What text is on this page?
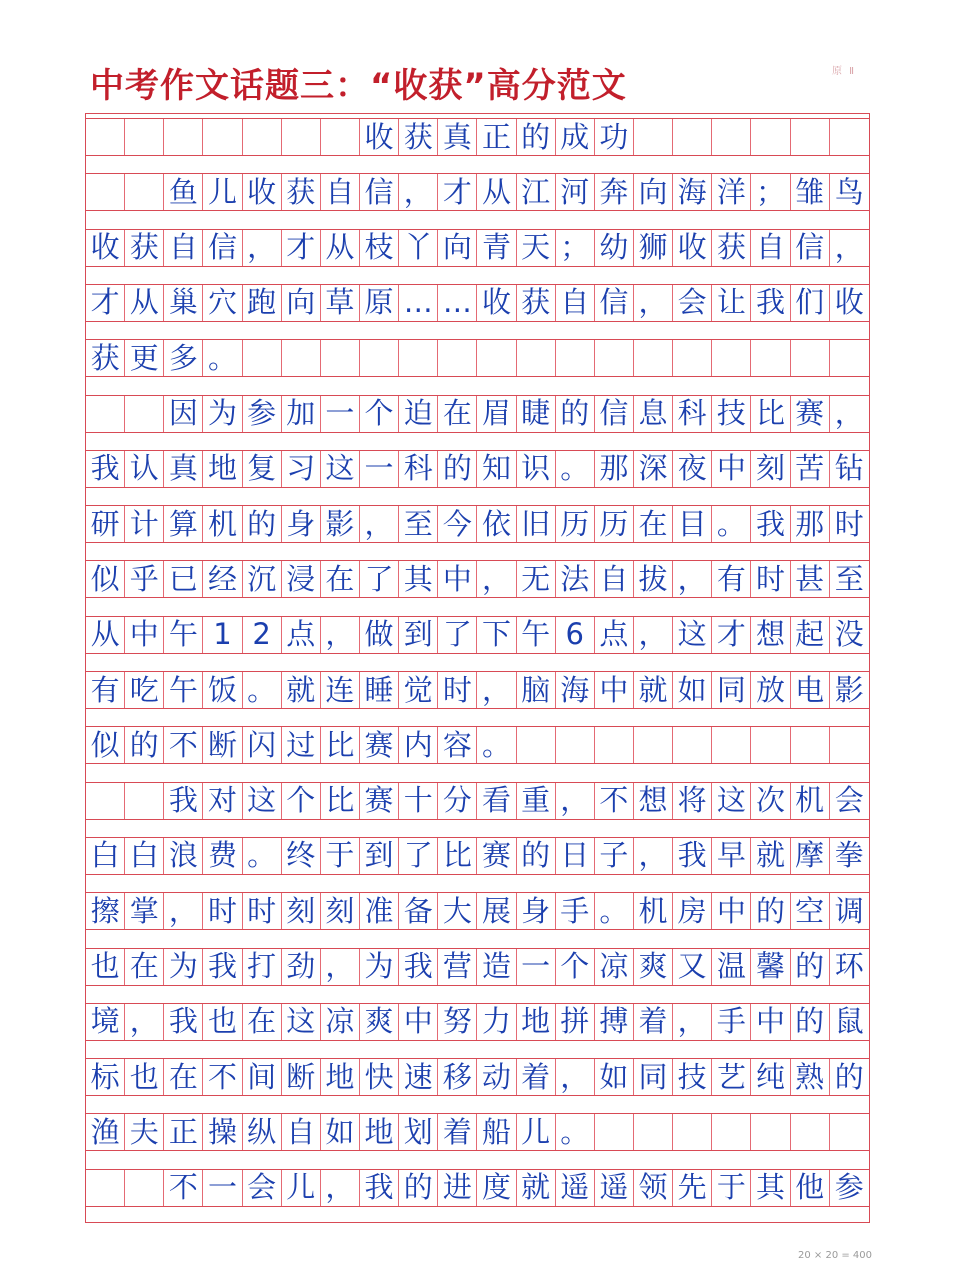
中考作文话题三：“收获”高分范文	原 Ⅱ
收 获 真 正 的 成 功
鱼 儿 收 获 自 信 ， 才 从 江 河 奔 向 海 洋 ； 雏 鸟
收 获 自 信 ， 才 从 枝 丫 向 青 天 ； 幼 狮 收 获 自 信 ，
才 从 巢 穴 跑 向 草 原 … … 收 获 自 信 ， 会 让 我 们 收
获 更 多 。
因 为 参 加 一 个 迫 在 眉 睫 的 信 息 科 技 比 赛 ，
我 认 真 地 复 习 这 一 科 的 知 识 。 那 深 夜 中 刻 苦 钻
研 计 算 机 的 身 影 ， 至 今 依 旧 历 历 在 目 。 我 那 时
似 乎 已 经 沉 浸 在 了 其 中 ， 无 法 自 拔 ， 有 时 甚 至
从 中 午 1 2 点 ， 做 到 了 下 午 6 点 ， 这 才 想 起 没
有 吃 午 饭 。 就 连 睡 觉 时 ， 脑 海 中 就 如 同 放 电 影
似 的 不 断 闪 过 比 赛 内 容 。
我 对 这 个 比 赛 十 分 看 重 ， 不 想 将 这 次 机 会
白 白 浪 费 。 终 于 到 了 比 赛 的 日 子 ， 我 早 就 摩 拳
擦 掌 ， 时 时 刻 刻 准 备 大 展 身 手 。 机 房 中 的 空 调
也 在 为 我 打 劲 ， 为 我 营 造 一 个 凉 爽 又 温 馨 的 环
境 ， 我 也 在 这 凉 爽 中 努 力 地 拼 搏 着 ， 手 中 的 鼠
标 也 在 不 间 断 地 快 速 移 动 着 ， 如 同 技 艺 纯 熟 的
渔 夫 正 操 纵 自 如 地 划 着 船 儿 。
不 一 会 儿 ， 我 的 进 度 就 遥 遥 领 先 于 其 他 参
20 × 20 = 400
